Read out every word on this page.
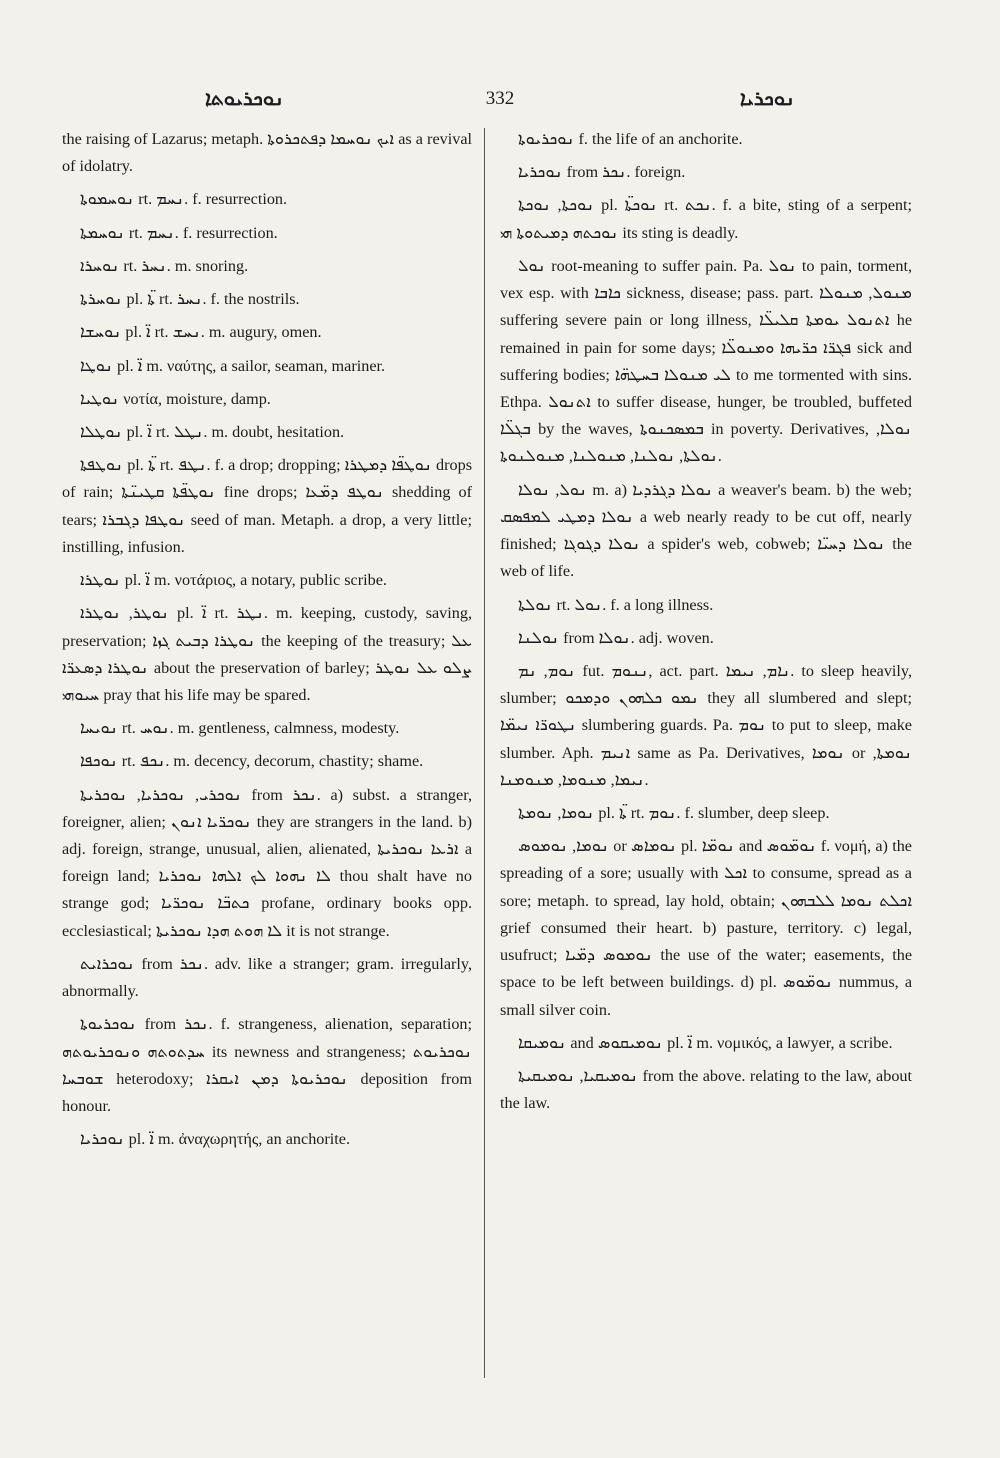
ܢܘܟܪܝܘܬܐ	332	ܢܘܟܪܝܐ

the raising of Lazarus; metaph. ܐܝܟ ܢܘܚܡܐ ܕܦܬܟܪܘܬܐ as a revival of idolatry.

ܢܘܚܡܘܬܐ rt. ܢܚܡ. f. resurrection.

ܢܘܚܡܬܐ rt. ܢܚܡ. f. resurrection.

ܢܘܚܪܐ rt. ܢܚܪ. m. snoring.

ܢܘܚܪܬܐ pl. ܬܐ̈ rt. ܢܚܪ. f. the nostrils.

ܢܘܚܫܐ pl. ܐ̈ rt. ܢܚܫ. m. augury, omen.

ܢܘܛܐ pl. ܐ̈ m. ναύτης, a sailor, seaman, mariner.

ܢܘܛܝܐ νοτία, moisture, damp.

ܢܘܛܠܐ pl. ܐ̈ rt. ܢܛܠ. m. doubt, hesitation.

ܢܘܛܦܬܐ pl. ܬܐ̈ rt. ܢܛܦ. f. a drop; dropping; ܢܘܛܦ̈ܐ ܕܡܛܪܐ drops of rain; ܢܘܛܦ̈ܬܐ ܩܛܝܢ̈ܬܐ fine drops; ܢܘܛܦ ܕܡ̈ܥܐ shedding of tears; ܢܘܛܦܐ ܕܓܒܪܐ seed of man. Metaph. a drop, a very little; instilling, infusion.

ܢܘܛܪܐ pl. ܐ̈ m. νοτάριος, a notary, public scribe.

ܢܘܛܪ, ܢܘܛܪܐ pl. ܐ̈ rt. ܢܛܪ. m. keeping, custody, saving, preservation; ܢܘܛܪܐ ܕܒܝܬ ܓܙܐ the keeping of the treasury; ܥܠ ܢܘܛܪܐ ܕܣܥܪ̈ܐ about the preservation of barley; ܨܠܘ ܥܠ ܢܘܛܪ ܚܝܘܗܝ pray that his life may be spared.

ܢܘܝܚܐ rt. ܢܘܚ. m. gentleness, calmness, modesty.

ܢܘܟܦܐ rt. ܢܟܦ. m. decency, decorum, chastity; shame.

ܢܘܟܪܝ, ܢܘܟܪܝܐ, ܢܘܟܪܝܬܐ from ܢܟܪ. a) subst. a stranger, foreigner, alien; ܢܘܟܪ̈ܝܐ ܐܢܘܢ they are strangers in the land. b) adj. foreign, strange, unusual, alien, alienated, ܐܪܥܐ ܢܘܟܪܝܬܐ a foreign land; ܠܐ ܢܗܘܐ ܠܟ ܐܠܗܐ ܢܘܟܪܝܐ thou shalt have no strange god; ܟܬܒ̈ܐ ܢܘܟܪ̈ܝܐ profane, ordinary books opp. ecclesiastical; ܠܐ ܗܘܬ ܗܕܐ ܢܘܟܪܝܬܐ it is not strange.

ܢܘܟܪܐܝܬ from ܢܟܪ. adv. like a stranger; gram. irregularly, abnormally.

ܢܘܟܪܝܘܬܐ from ܢܟܪ. f. strangeness, alienation, separation; ܚܕܬܘܬܗ ܘܢܘܟܪܝܘܬܗ its newness and strangeness; ܢܘܟܪܝܘܬ ܫܘܒܚܐ heterodoxy; ܢܘܟܪܝܘܬܐ ܕܡܢ ܐܝܩܪܐ deposition from honour.

ܢܘܟܪܝܐ pl. ܐ̈ m. ἀναχωρητής, an anchorite.

ܢܘܟܪܝܘܬܐ f. the life of an anchorite.

ܢܘܟܪܝܐ from ܢܟܪ. foreign.

ܢܘܟܬܐ, ܢܘܟܬܐ pl. ܢܘܟܬ̈ܐ rt. ܢܟܬ. f. a bite, sting of a serpent; ܢܘܟܬܗ ܕܡܝܬܘܬܐ ܗܝ its sting is deadly.

ܢܘܠ root-meaning to suffer pain. Pa. ܢܘܠ to pain, torment, vex esp. with ܟܐܒܐ sickness, disease; pass. part. ܡܢܘܠ, ܡܢܘܠܐ suffering severe pain or long illness, ܐܬܢܘܠ ܝܘܡܬܐ ܩܠܝܠ̈ܐ he remained in pain for some days; ܦܓܪ̈ܐ ܟܪ̈ܝܗܐ ܘܡܢܘܠ̈ܐ sick and suffering bodies; ܠܝ ܡܢܘܠܐ ܒܚܛܗ̈ܐ to me tormented with sins. Ethpa. ܐܬܢܘܠ to suffer disease, hunger, be troubled, buffeted ܒܓܠ̈ܐ by the waves, ܒܡܣܟܢܘܬܐ in poverty. Derivatives, ܢܘܠܐ, ܢܘܠܬܐ, ܢܘܠܢܐ, ܡܢܘܠܢܐ, ܡܢܘܠܢܘܬܐ.

ܢܘܠ, ܢܘܠܐ m. a) ܢܘܠܐ ܕܓܪܕܝܐ a weaver's beam. b) the web; ܢܘܠܐ ܕܡܛܝ ܠܡܦܣܩ a web nearly ready to be cut off, nearly finished; ܢܘܠܐ ܕܓܘܓܐ a spider's web, cobweb; ܢܘܠܐ ܕܚܝ̈ܐ the web of life.

ܢܘܠܬܐ rt. ܢܘܠ. f. a long illness.

ܢܘܠܢܐ from ܢܘܠܐ. adj. woven.

ܢܘܡ, ܢܡ fut. ܢܢܘܡ, act. part. ܢܐܡ, ܢܝܡܐ. to sleep heavily, slumber; ܢܡܘ ܟܠܗܘܢ ܘܕܡܟܘ they all slumbered and slept; ܢܛܘܪ̈ܐ ܢܝܡ̈ܐ slumbering guards. Pa. ܢܘܡ to put to sleep, make slumber. Aph. ܐܢܝܡ same as Pa. Derivatives, ܢܘܡܐ or ܢܘܡܬܐ, ܢܝܡܐ, ܡܢܘܡܐ, ܡܢܘܡܢܐ.

ܢܘܡܐ, ܢܘܡܬܐ pl. ܬܐ̈ rt. ܢܘܡ. f. slumber, deep sleep.

ܢܘܡܐ, ܢܘܡܘܣ or ܢܘܡܐܣ pl. ܢܘܡ̈ܐ and ܢܘܡ̈ܘܣ f. νομή, a) the spreading of a sore; usually with ܐܟܠ to consume, spread as a sore; metaph. to spread, lay hold, obtain; ܐܟܠܬ ܢܘܡܐ ܠܠܒܗܘܢ grief consumed their heart. b) pasture, territory. c) legal, usufruct; ܢܘܡܘܣ ܕܡ̈ܝܐ the use of the water; easements, the space to be left between buildings. d) pl. ܢܘܡ̈ܘܣ nummus, a small silver coin.

ܢܘܡܝܩܐ and ܢܘܡܝܩܘܣ pl. ܐ̈ m. νομικός, a lawyer, a scribe.

ܢܘܡܝܩܝܐ, ܢܘܡܝܩܝܬܐ from the above. relating to the law, about the law.
